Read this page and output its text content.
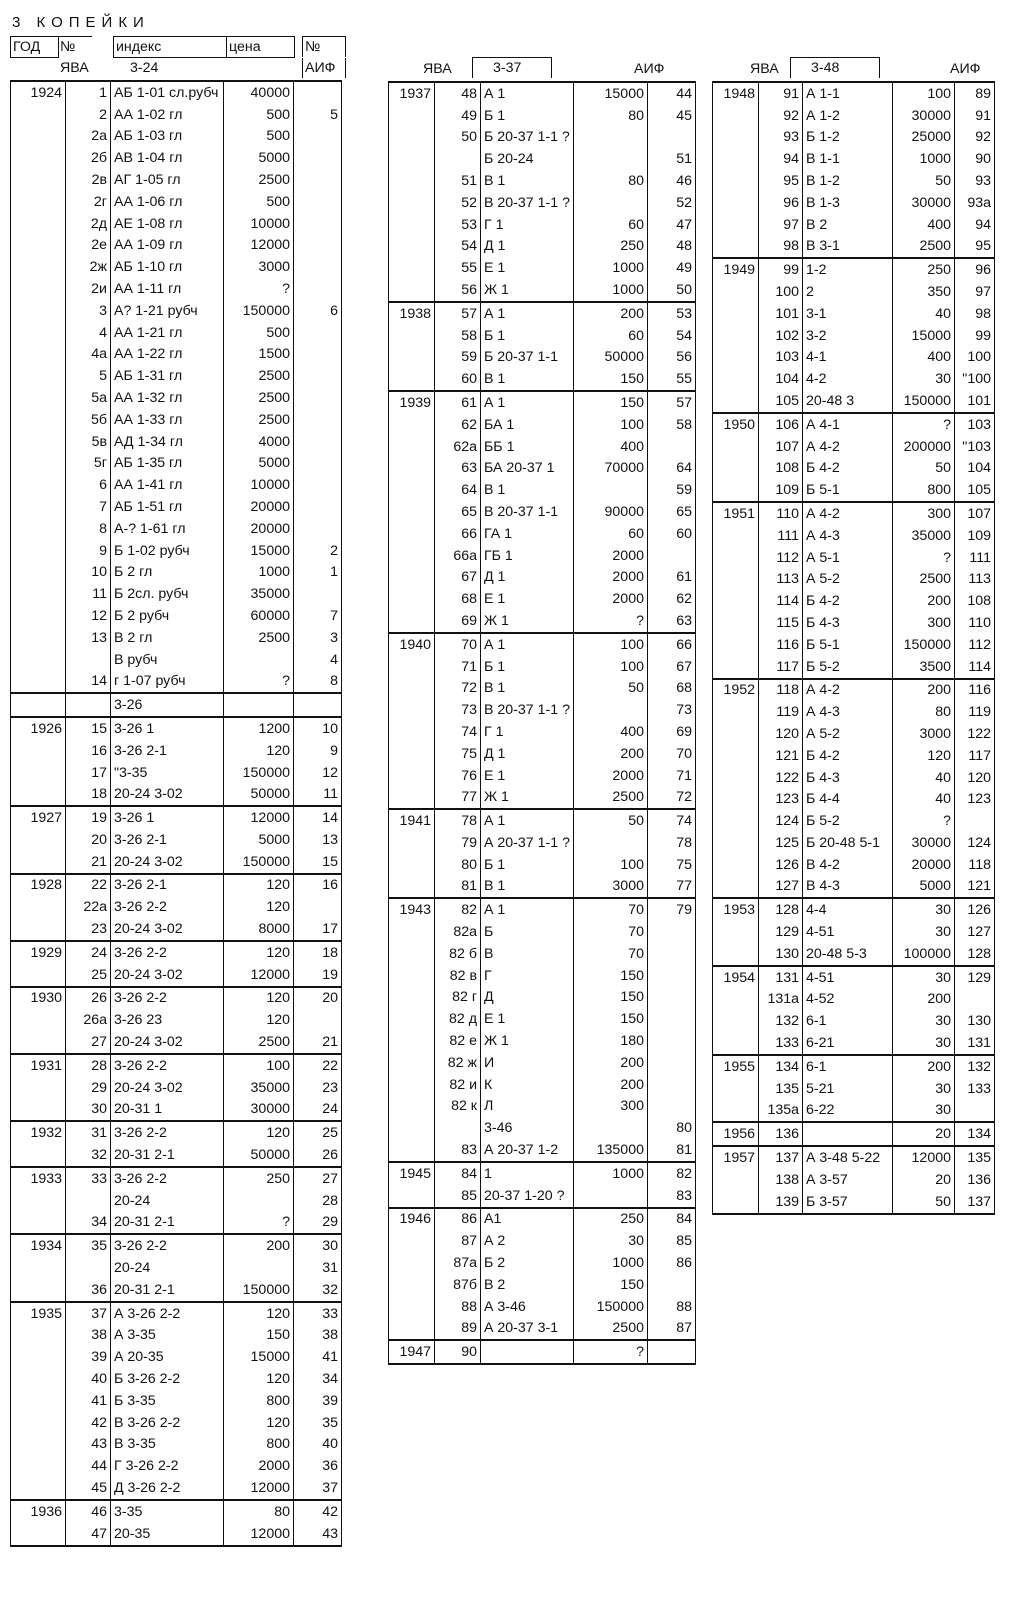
3 КОПЕЙКИ
ГОД	№
ЯВА
индекс	цена
3-24
№
АИФ	ЯВА	3-37	АИФ	ЯВА	3-48	АИФ
1924	1	АБ 1-01 сл.рубч	40000	
	2	АА 1-02 гл	500	5
	2а	АБ 1-03 гл	500	
	2б	АВ 1-04 гл	5000	
	2в	АГ 1-05 гл	2500	
	2г	АА 1-06 гл	500	
	2д	АЕ 1-08 гл	10000	
	2е	АА 1-09 гл	12000	
	2ж	АБ 1-10 гл	3000	
	2и	АА 1-11 гл	?	
	3	А? 1-21 рубч	150000	6
	4	АА 1-21 гл	500	
	4а	АА 1-22 гл	1500	
	5	АБ 1-31 гл	2500	
	5а	АА 1-32 гл	2500	
	5б	АА 1-33 гл	2500	
	5в	АД 1-34 гл	4000	
	5г	АБ 1-35 гл	5000	
	6	АА 1-41 гл	10000	
	7	АБ 1-51 гл	20000	
	8	А-? 1-61 гл	20000	
	9	Б 1-02 рубч	15000	2
	10	Б 2 гл	1000	1
	11	Б 2сл. рубч	35000	
	12	Б 2 рубч	60000	7
	13	В 2 гл	2500	3
		В рубч		4
	14	г 1-07 рубч	?	8
		3-26		
1926	15	3-26 1	1200	10
	16	3-26 2-1	120	9
	17	"3-35	150000	12
	18	20-24 3-02	50000	11
1927	19	3-26 1	12000	14
	20	3-26 2-1	5000	13
	21	20-24 3-02	150000	15
1928	22	3-26 2-1	120	16
	22а	3-26 2-2	120	
	23	20-24 3-02	8000	17
1929	24	3-26 2-2	120	18
	25	20-24 3-02	12000	19
1930	26	3-26 2-2	120	20
	26а	3-26 23	120	
	27	20-24 3-02	2500	21
1931	28	3-26 2-2	100	22
	29	20-24 3-02	35000	23
	30	20-31 1	30000	24
1932	31	3-26 2-2	120	25
	32	20-31 2-1	50000	26
1933	33	3-26 2-2	250	27
		20-24		28
	34	20-31 2-1	?	29
1934	35	3-26 2-2	200	30
		20-24		31
	36	20-31 2-1	150000	32
1935	37	А 3-26 2-2	120	33
	38	А 3-35	150	38
	39	А 20-35	15000	41
	40	Б 3-26 2-2	120	34
	41	Б 3-35	800	39
	42	В 3-26 2-2	120	35
	43	В 3-35	800	40
	44	Г 3-26 2-2	2000	36
	45	Д 3-26 2-2	12000	37
1936	46	3-35	80	42
	47	20-35	12000	43
1937	48	А 1	15000	44
	49	Б 1	80	45
	50	Б 20-37 1-1 ?		
		Б 20-24		51
	51	В 1	80	46
	52	В 20-37 1-1 ?		52
	53	Г 1	60	47
	54	Д 1	250	48
	55	Е 1	1000	49
	56	Ж 1	1000	50
1938	57	А 1	200	53
	58	Б 1	60	54
	59	Б 20-37 1-1	50000	56
	60	В 1	150	55
1939	61	А 1	150	57
	62	БА 1	100	58
	62а	ББ 1	400	
	63	БА 20-37 1	70000	64
	64	В 1		59
	65	В 20-37 1-1	90000	65
	66	ГА 1	60	60
	66а	ГБ 1	2000	
	67	Д 1	2000	61
	68	Е 1	2000	62
	69	Ж 1	?	63
1940	70	А 1	100	66
	71	Б 1	100	67
	72	В 1	50	68
	73	В 20-37 1-1 ?		73
	74	Г 1	400	69
	75	Д 1	200	70
	76	Е 1	2000	71
	77	Ж 1	2500	72
1941	78	А 1	50	74
	79	А 20-37 1-1 ?		78
	80	Б 1	100	75
	81	В 1	3000	77
1943	82	А 1	70	79
	82а	Б	70	
	82 б	В	70	
	82 в	Г	150	
	82 г	Д	150	
	82 д	Е 1	150	
	82 е	Ж 1	180	
	82 ж	И	200	
	82 и	К	200	
	82 к	Л	300	
		3-46		80
	83	А 20-37 1-2	135000	81
1945	84	1	1000	82
	85	20-37 1-20 ?		83
1946	86	А1	250	84
	87	А 2	30	85
	87а	Б 2	1000	86
	87б	В 2	150	
	88	А 3-46	150000	88
	89	А 20-37 3-1	2500	87
1947	90		?	
1948	91	А 1-1	100	89
	92	А 1-2	30000	91
	93	Б 1-2	25000	92
	94	В 1-1	1000	90
	95	В 1-2	50	93
	96	В 1-3	30000	93а
	97	В 2	400	94
	98	В 3-1	2500	95
1949	99	1-2	250	96
	100	2	350	97
	101	3-1	40	98
	102	3-2	15000	99
	103	4-1	400	100
	104	4-2	30	"100
	105	20-48 3	150000	101
1950	106	А 4-1	?	103
	107	А 4-2	200000	"103
	108	Б 4-2	50	104
	109	Б 5-1	800	105
1951	110	А 4-2	300	107
	111	А 4-3	35000	109
	112	А 5-1	?	111
	113	А 5-2	2500	113
	114	Б 4-2	200	108
	115	Б 4-3	300	110
	116	Б 5-1	150000	112
	117	Б 5-2	3500	114
1952	118	А 4-2	200	116
	119	А 4-3	80	119
	120	А 5-2	3000	122
	121	Б 4-2	120	117
	122	Б 4-3	40	120
	123	Б 4-4	40	123
	124	Б 5-2	?	
	125	Б 20-48 5-1	30000	124
	126	В 4-2	20000	118
	127	В 4-3	5000	121
1953	128	4-4	30	126
	129	4-51	30	127
	130	20-48 5-3	100000	128
1954	131	4-51	30	129
	131а	4-52	200	
	132	6-1	30	130
	133	6-21	30	131
1955	134	6-1	200	132
	135	5-21	30	133
	135а	6-22	30	
1956	136		20	134
1957	137	А 3-48 5-22	12000	135
	138	А 3-57	20	136
	139	Б 3-57	50	137
